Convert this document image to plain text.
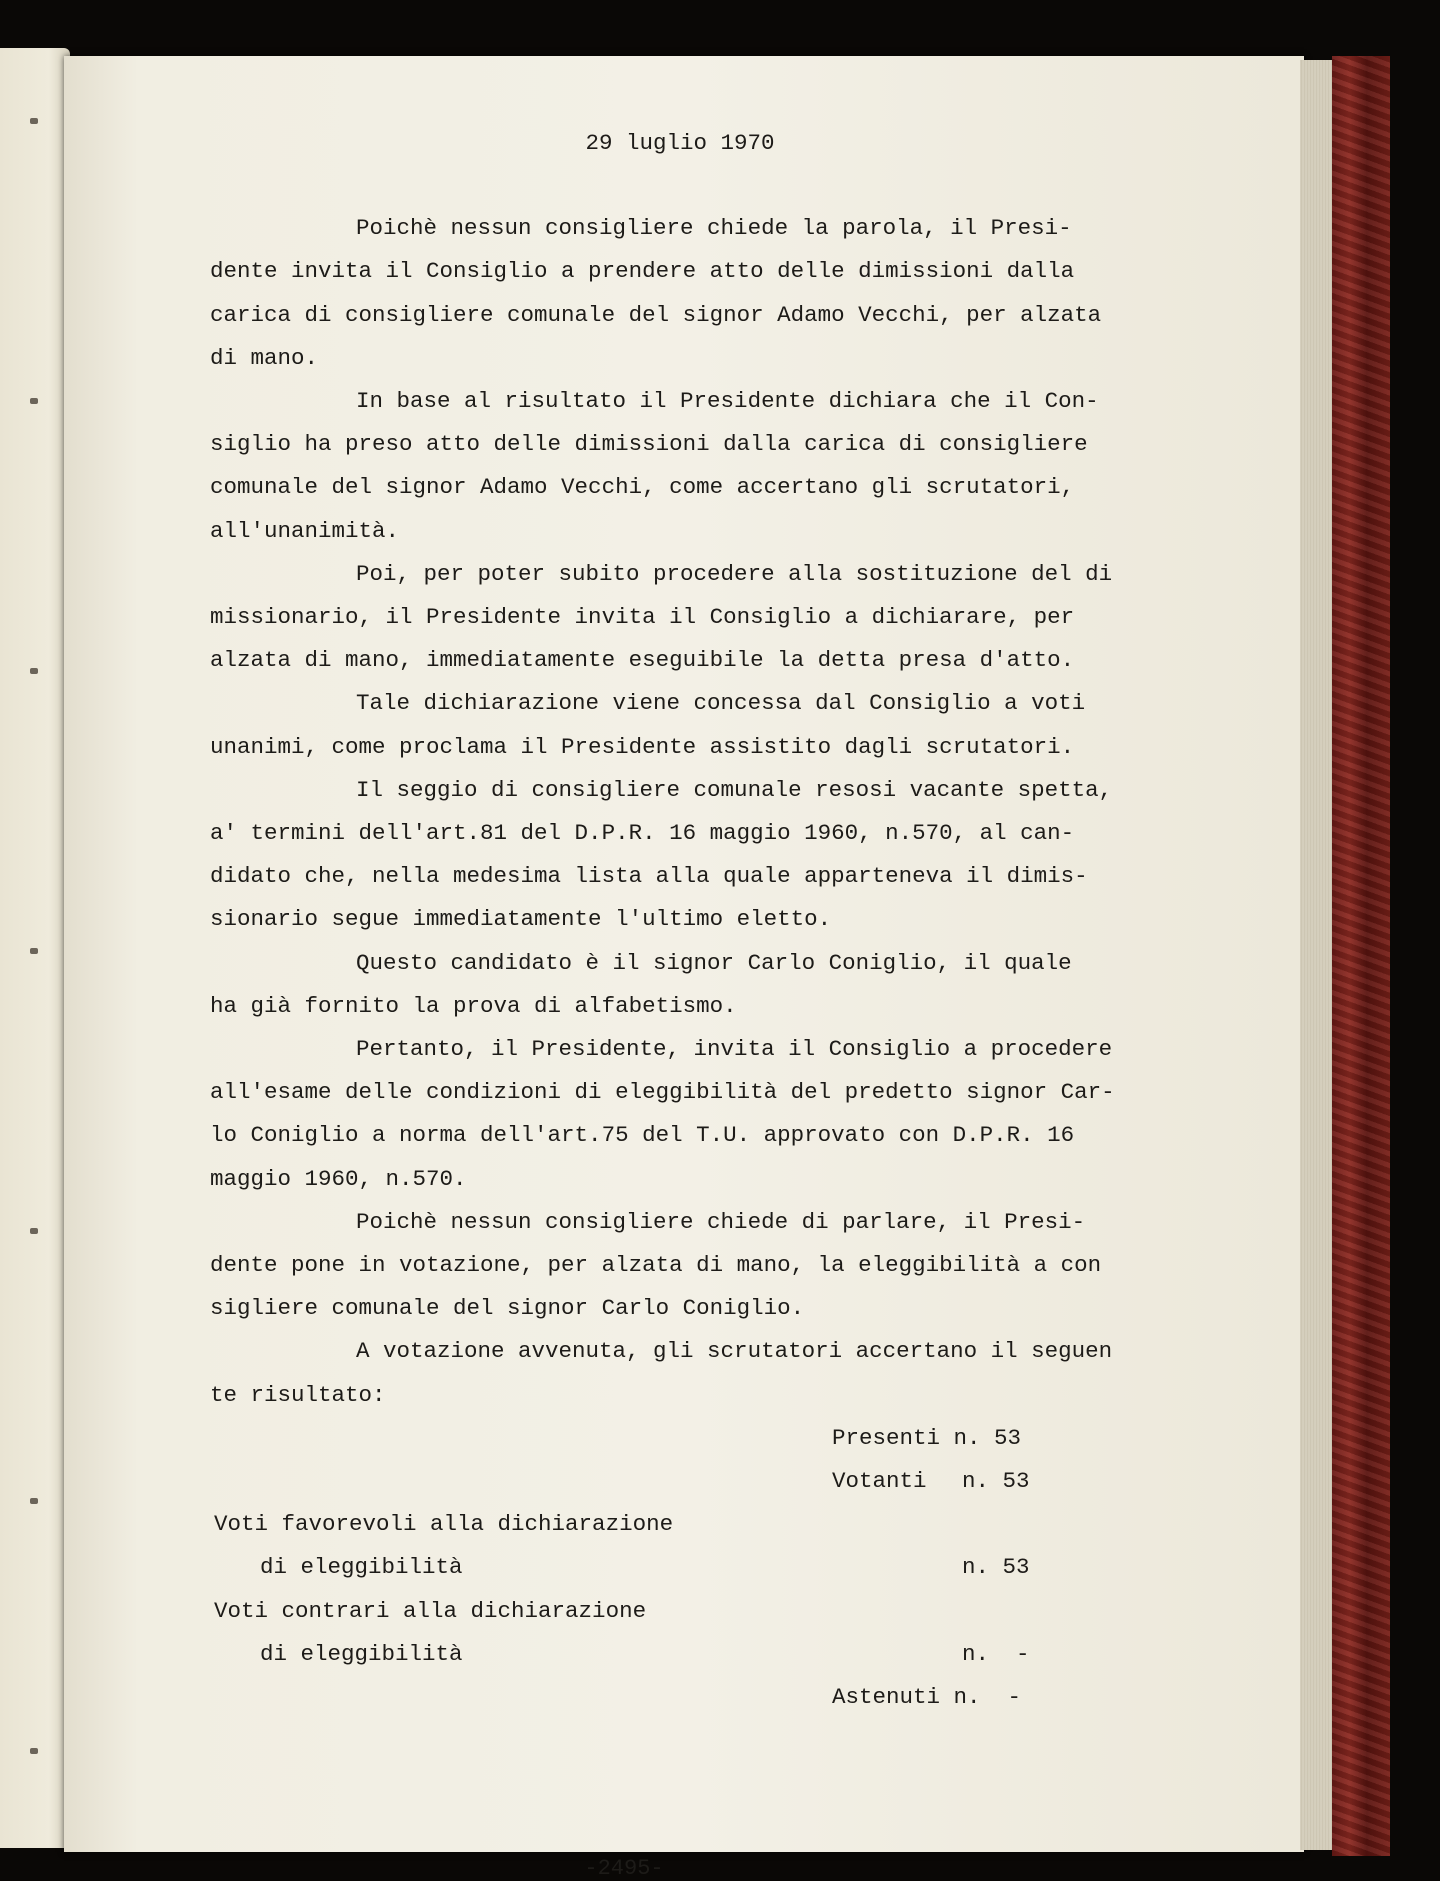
-2495-
29 luglio 1970
Poichè nessun consigliere chiede la parola, il Presi-
dente invita il Consiglio a prendere atto delle dimissioni dalla
carica di consigliere comunale del signor Adamo Vecchi, per alzata
di mano.
In base al risultato il Presidente dichiara che il Con-
siglio ha preso atto delle dimissioni dalla carica di consigliere
comunale del signor Adamo Vecchi, come accertano gli scrutatori,
all'unanimità.
Poi, per poter subito procedere alla sostituzione del di
missionario, il Presidente invita il Consiglio a dichiarare, per
alzata di mano, immediatamente eseguibile la detta presa d'atto.
Tale dichiarazione viene concessa dal Consiglio a voti
unanimi, come proclama il Presidente assistito dagli scrutatori.
Il seggio di consigliere comunale resosi vacante spetta,
a' termini dell'art.81 del D.P.R. 16 maggio 1960, n.570, al can-
didato che, nella medesima lista alla quale apparteneva il dimis-
sionario segue immediatamente l'ultimo eletto.
Questo candidato è il signor Carlo Coniglio, il quale
ha già fornito la prova di alfabetismo.
Pertanto, il Presidente, invita il Consiglio a procedere
all'esame delle condizioni di eleggibilità del predetto signor Car-
lo Coniglio a norma dell'art.75 del T.U. approvato con D.P.R. 16
maggio 1960, n.570.
Poichè nessun consigliere chiede di parlare, il Presi-
dente pone in votazione, per alzata di mano, la eleggibilità a con
sigliere comunale del signor Carlo Coniglio.
A votazione avvenuta, gli scrutatori accertano il seguen
te risultato:

Presenti n. 53

Votanti

n. 53

Voti favorevoli alla dichiarazione

di eleggibilità

	n. 53

Voti contrari alla dichiarazione

di eleggibilità

	n.  -

Astenuti n.  -
